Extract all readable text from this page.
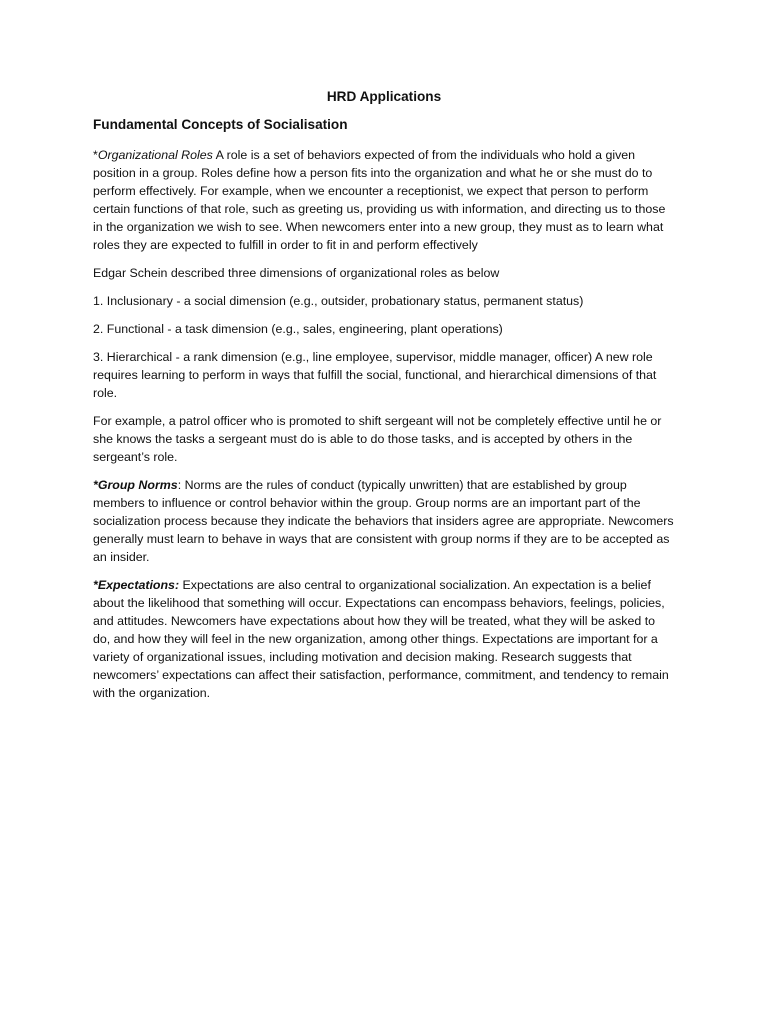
HRD Applications
Fundamental Concepts of Socialisation

*Organizational Roles A role is a set of behaviors expected of from the individuals who hold a given position in a group. Roles define how a person fits into the organization and what he or she must do to perform effectively. For example, when we encounter a receptionist, we expect that person to perform certain functions of that role, such as greeting us, providing us with information, and directing us to those in the organization we wish to see. When newcomers enter into a new group, they must as to learn what roles they are expected to fulfill in order to fit in and perform effectively

Edgar Schein described three dimensions of organizational roles as below

1. Inclusionary - a social dimension (e.g., outsider, probationary status, permanent status)

2. Functional - a task dimension (e.g., sales, engineering, plant operations)

3. Hierarchical - a rank dimension (e.g., line employee, supervisor, middle manager, officer) A new role requires learning to perform in ways that fulfill the social, functional, and hierarchical dimensions of that role.

For example, a patrol officer who is promoted to shift sergeant will not be completely effective until he or she knows the tasks a sergeant must do is able to do those tasks, and is accepted by others in the sergeant’s role.

*Group Norms: Norms are the rules of conduct (typically unwritten) that are established by group members to influence or control behavior within the group. Group norms are an important part of the socialization process because they indicate the behaviors that insiders agree are appropriate. Newcomers generally must learn to behave in ways that are consistent with group norms if they are to be accepted as an insider.

*Expectations: Expectations are also central to organizational socialization. An expectation is a belief about the likelihood that something will occur. Expectations can encompass behaviors, feelings, policies, and attitudes. Newcomers have expectations about how they will be treated, what they will be asked to do, and how they will feel in the new organization, among other things. Expectations are important for a variety of organizational issues, including motivation and decision making. Research suggests that newcomers’ expectations can affect their satisfaction, performance, commitment, and tendency to remain with the organization.
